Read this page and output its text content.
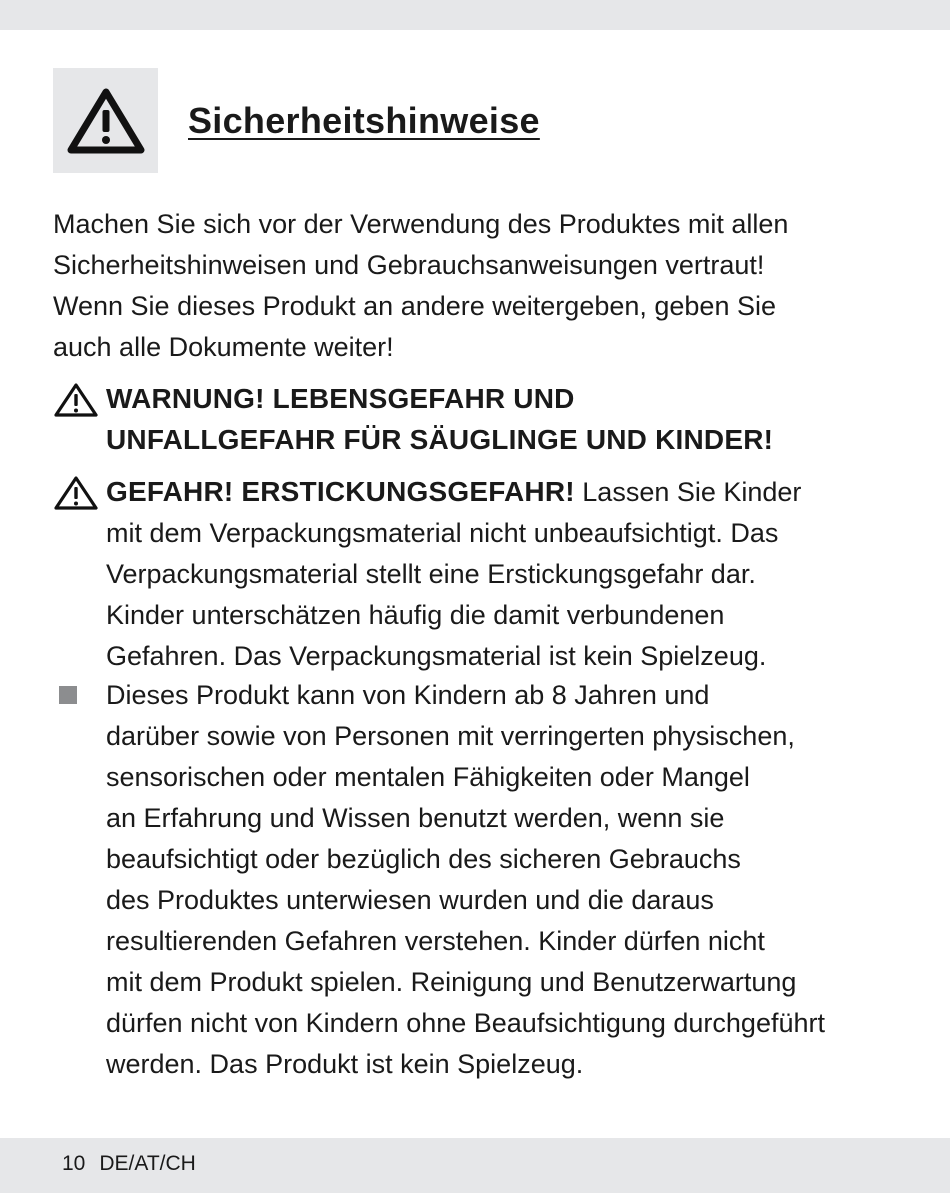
Sicherheitshinweise
Machen Sie sich vor der Verwendung des Produktes mit allen
Sicherheitshinweisen und Gebrauchsanweisungen vertraut!
Wenn Sie dieses Produkt an andere weitergeben, geben Sie
auch alle Dokumente weiter!
WARNUNG! LEBENSGEFAHR UND
UNFALLGEFAHR FÜR SÄUGLINGE UND KINDER!
GEFAHR! ERSTICKUNGSGEFAHR! Lassen Sie Kinder
mit dem Verpackungsmaterial nicht unbeaufsichtigt. Das
Verpackungsmaterial stellt eine Erstickungsgefahr dar.
Kinder unterschätzen häufig die damit verbundenen
Gefahren. Das Verpackungsmaterial ist kein Spielzeug.
Dieses Produkt kann von Kindern ab 8 Jahren und
darüber sowie von Personen mit verringerten physischen,
sensorischen oder mentalen Fähigkeiten oder Mangel
an Erfahrung und Wissen benutzt werden, wenn sie
beaufsichtigt oder bezüglich des sicheren Gebrauchs
des Produktes unterwiesen wurden und die daraus
resultierenden Gefahren verstehen. Kinder dürfen nicht
mit dem Produkt spielen. Reinigung und Benutzerwartung
dürfen nicht von Kindern ohne Beaufsichtigung durchgeführt
werden. Das Produkt ist kein Spielzeug.
10 DE/AT/CH
